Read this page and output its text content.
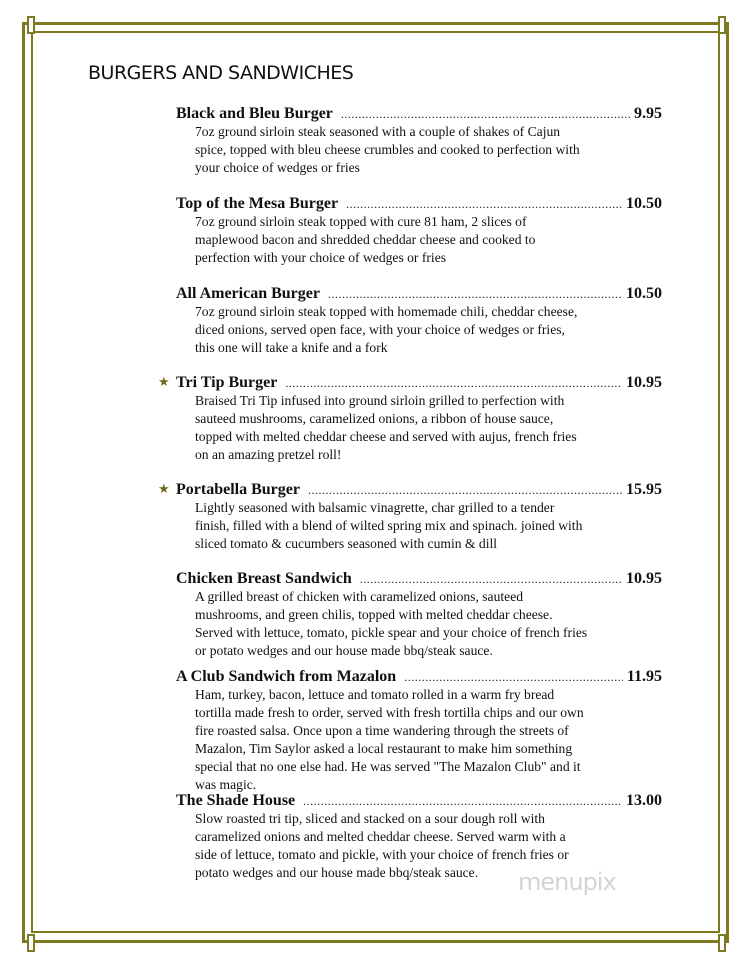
BURGERS AND SANDWICHES
Black and Bleu Burger .....	9.95
7oz ground sirloin steak seasoned with a couple of shakes of Cajun
spice, topped with bleu cheese crumbles and cooked to perfection with
your choice of wedges or fries
Top of the Mesa Burger .....	10.50
7oz ground sirloin steak topped with cure 81 ham, 2 slices of
maplewood bacon and shredded cheddar cheese and cooked to
perfection with your choice of wedges or fries
All American Burger .....	10.50
7oz ground sirloin steak topped with homemade chili, cheddar cheese,
diced onions, served open face, with your choice of wedges or fries,
this one will take a knife and a fork
★ Tri Tip Burger .....	10.95
Braised Tri Tip infused into ground sirloin grilled to perfection with
sauteed mushrooms, caramelized onions, a ribbon of house sauce,
topped with melted cheddar cheese and served with aujus, french fries
on an amazing pretzel roll!
★ Portabella Burger .....	15.95
Lightly seasoned with balsamic vinagrette, char grilled to a tender
finish, filled with a blend of wilted spring mix and spinach. joined with
sliced tomato & cucumbers seasoned with cumin & dill
Chicken Breast Sandwich .....	10.95
A grilled breast of chicken with caramelized onions, sauteed
mushrooms, and green chilis, topped with melted cheddar cheese.
Served with lettuce, tomato, pickle spear and your choice of french fries
or potato wedges and our house made bbq/steak sauce.
A Club Sandwich from Mazalon .....	11.95
Ham, turkey, bacon, lettuce and tomato rolled in a warm fry bread
tortilla made fresh to order, served with fresh tortilla chips and our own
fire roasted salsa. Once upon a time wandering through the streets of
Mazalon, Tim Saylor asked a local restaurant to make him something
special that no one else had. He was served "The Mazalon Club" and it
was magic.
The Shade House .....	13.00
Slow roasted tri tip, sliced and stacked on a sour dough roll with
caramelized onions and melted cheddar cheese. Served warm with a
side of lettuce, tomato and pickle, with your choice of french fries or
potato wedges and our house made bbq/steak sauce.	menupix
